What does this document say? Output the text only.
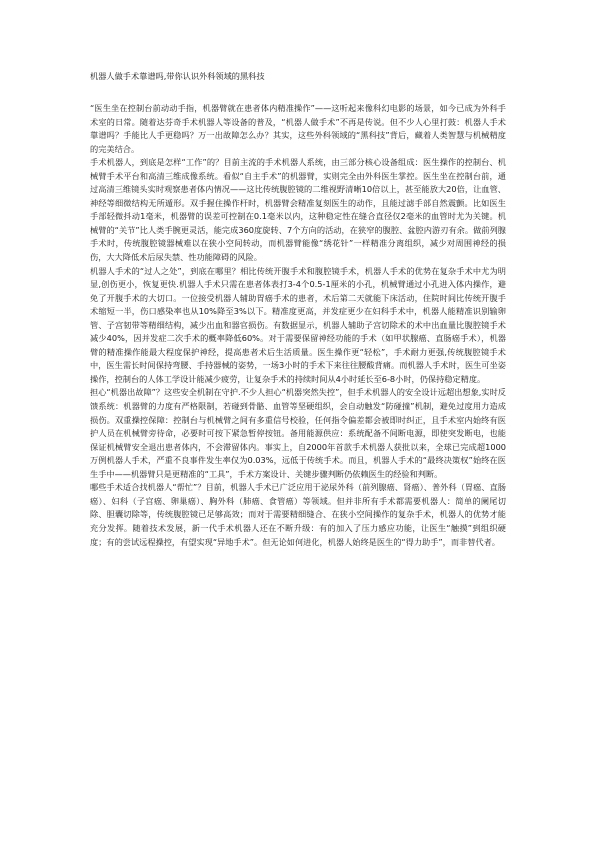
机器人做手术靠谱吗,带你认识外科领域的黑科技

“医生坐在控制台前动动手指，机器臂就在患者体内精准操作”——这听起来像科幻电影的场景，如今已成为外科手术室的日常。随着达芬奇手术机器人等设备的普及，“机器人做手术”不再是传说。但不少人心里打鼓：机器人手术靠谱吗？手能比人手更稳吗？万一出故障怎么办？其实，这些外科领域的“黑科技”背后，藏着人类智慧与机械精度的完美结合。

手术机器人，到底是怎样“工作”的？目前主流的手术机器人系统，由三部分核心设备组成：医生操作的控制台、机械臂手术平台和高清三维成像系统。看似“自主手术”的机器臂，实则完全由外科医生掌控。医生坐在控制台前，通过高清三维镜头实时观察患者体内情况——这比传统腹腔镜的二维视野清晰10倍以上，甚至能放大20倍，让血管、神经等细微结构无所遁形。双手握住操作杆时，机器臂会精准复刻医生的动作，且能过滤手部自然震颤。比如医生手部轻微抖动1毫米，机器臂的误差可控制在0.1毫米以内，这种稳定性在缝合直径仅2毫米的血管时尤为关键。机械臂的“关节”比人类手腕更灵活，能完成360度旋转、7个方向的活动，在狭窄的腹腔、盆腔内游刃有余。做前列腺手术时，传统腹腔镜器械难以在狭小空间转动，而机器臂能像“绣花针”一样精准分离组织，减少对周围神经的损伤，大大降低术后尿失禁、性功能障碍的风险。

机器人手术的“过人之处”，到底在哪里？相比传统开腹手术和腹腔镜手术，机器人手术的优势在复杂手术中尤为明显,创伤更小，恢复更快.机器人手术只需在患者体表打3-4个0.5-1厘米的小孔，机械臂通过小孔进入体内操作，避免了开腹手术的大切口。一位接受机器人辅助胃癌手术的患者，术后第二天就能下床活动，住院时间比传统开腹手术缩短一半，伤口感染率也从10%降至3%以下。精准度更高，并发症更少在妇科手术中，机器人能精准识别输卵管、子宫韧带等精细结构，减少出血和器官损伤。有数据显示，机器人辅助子宫切除术的术中出血量比腹腔镜手术减少40%，因并发症二次手术的概率降低60%。对于需要保留神经功能的手术（如甲状腺癌、直肠癌手术），机器臂的精准操作能最大程度保护神经，提高患者术后生活质量。医生操作更“轻松”，手术耐力更强,传统腹腔镜手术中，医生需长时间保持弯腰、手持器械的姿势，一场3小时的手术下来往往腰酸背痛。而机器人手术时，医生可坐姿操作，控制台的人体工学设计能减少疲劳，让复杂手术的持续时间从4小时延长至6-8小时，仍保持稳定精度。

担心“机器出故障”？这些安全机制在守护.不少人担心“机器突然失控”，但手术机器人的安全设计远超出想象,实时反馈系统：机器臂的力度有严格限制，若碰到骨骼、血管等坚硬组织，会自动触发“防碰撞”机制，避免过度用力造成损伤。双重操控保障：控制台与机械臂之间有多重信号校验，任何指令偏差都会被即时纠正，且手术室内始终有医护人员在机械臂旁待命，必要时可按下紧急暂停按钮。备用能源供应：系统配备不间断电源，即使突发断电，也能保证机械臂安全退出患者体内，不会滞留体内。事实上，自2000年首款手术机器人获批以来，全球已完成超1000万例机器人手术，严重不良事件发生率仅为0.03%，远低于传统手术。而且，机器人手术的“最终决策权”始终在医生手中——机器臂只是更精准的“工具”，手术方案设计、关键步骤判断仍依赖医生的经验和判断。

哪些手术适合找机器人“帮忙”？目前，机器人手术已广泛应用于泌尿外科（前列腺癌、肾癌）、普外科（胃癌、直肠癌）、妇科（子宫癌、卵巢癌）、胸外科（肺癌、食管癌）等领域。但并非所有手术都需要机器人：简单的阑尾切除、胆囊切除等，传统腹腔镜已足够高效；而对于需要精细缝合、在狭小空间操作的复杂手术，机器人的优势才能充分发挥。随着技术发展，新一代手术机器人还在不断升级：有的加入了压力感应功能，让医生“触摸”到组织硬度；有的尝试远程操控，有望实现“异地手术”。但无论如何进化，机器人始终是医生的“得力助手”，而非替代者。
